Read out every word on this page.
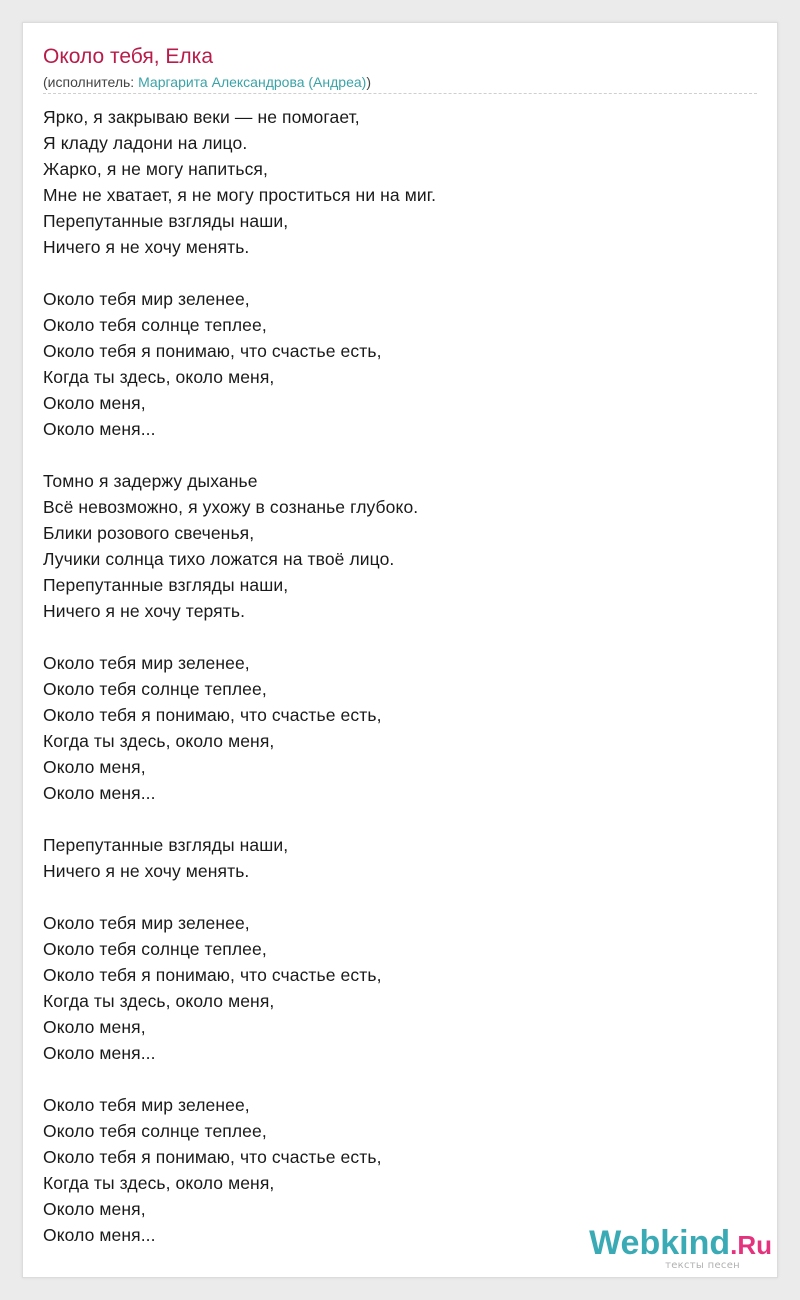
Около тебя, Елка
(исполнитель: Маргарита Александрова (Андреа))
Ярко, я закрываю веки — не помогает,
Я кладу ладони на лицо.
Жарко, я не могу напиться,
Мне не хватает, я не могу проститься ни на миг.
Перепутанные взгляды наши,
Ничего я не хочу менять.
Около тебя мир зеленее,
Около тебя солнце теплее,
Около тебя я понимаю, что счастье есть,
Когда ты здесь, около меня,
Около меня,
Около меня...
Томно я задержу дыханье
Всё невозможно, я ухожу в сознанье глубоко.
Блики розового свеченья,
Лучики солнца тихо ложатся на твоё лицо.
Перепутанные взгляды наши,
Ничего я не хочу терять.
Около тебя мир зеленее,
Около тебя солнце теплее,
Около тебя я понимаю, что счастье есть,
Когда ты здесь, около меня,
Около меня,
Около меня...
Перепутанные взгляды наши,
Ничего я не хочу менять.
Около тебя мир зеленее,
Около тебя солнце теплее,
Около тебя я понимаю, что счастье есть,
Когда ты здесь, около меня,
Около меня,
Около меня...
Около тебя мир зеленее,
Около тебя солнце теплее,
Около тебя я понимаю, что счастье есть,
Когда ты здесь, около меня,
Около меня,
Около меня...	Webkind.Ru
тексты песен
